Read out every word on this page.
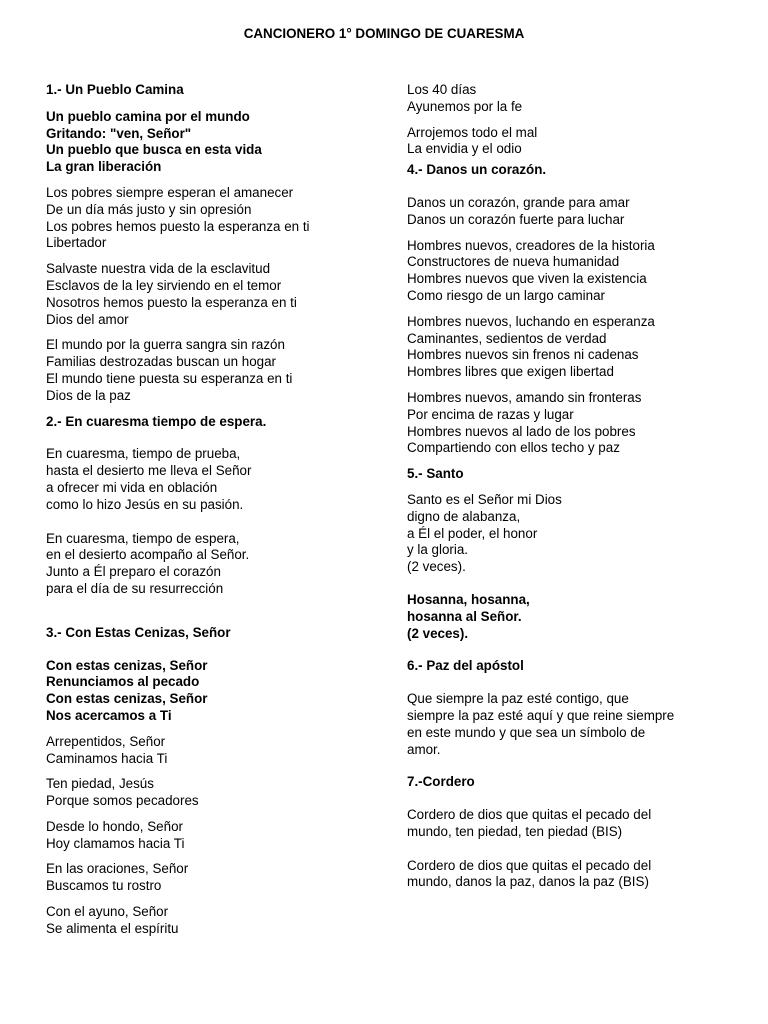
CANCIONERO 1° DOMINGO DE CUARESMA

1.- Un Pueblo Camina

Un pueblo camina por el mundo
Gritando: "ven, Señor"
Un pueblo que busca en esta vida
La gran liberación
Los pobres siempre esperan el amanecer
De un día más justo y sin opresión
Los pobres hemos puesto la esperanza en ti
Libertador
Salvaste nuestra vida de la esclavitud
Esclavos de la ley sirviendo en el temor
Nosotros hemos puesto la esperanza en ti
Dios del amor
El mundo por la guerra sangra sin razón
Familias destrozadas buscan un hogar
El mundo tiene puesta su esperanza en ti
Dios de la paz

2.- En cuaresma tiempo de espera.

En cuaresma, tiempo de prueba,
hasta el desierto me lleva el Señor
a ofrecer mi vida en oblación
como lo hizo Jesús en su pasión.
En cuaresma, tiempo de espera,
en el desierto acompaño al Señor.
Junto a Él preparo el corazón
para el día de su resurrección

3.- Con Estas Cenizas, Señor

Con estas cenizas, Señor
Renunciamos al pecado
Con estas cenizas, Señor
Nos acercamos a Ti
Arrepentidos, Señor
Caminamos hacia Ti
Ten piedad, Jesús
Porque somos pecadores
Desde lo hondo, Señor
Hoy clamamos hacia Ti
En las oraciones, Señor
Buscamos tu rostro
Con el ayuno, Señor
Se alimenta el espíritu
Los 40 días
Ayunemos por la fe
Arrojemos todo el mal
La envidia y el odio

4.- Danos un corazón.

Danos un corazón, grande para amar
Danos un corazón fuerte para luchar
Hombres nuevos, creadores de la historia
Constructores de nueva humanidad
Hombres nuevos que viven la existencia
Como riesgo de un largo caminar
Hombres nuevos, luchando en esperanza
Caminantes, sedientos de verdad
Hombres nuevos sin frenos ni cadenas
Hombres libres que exigen libertad
Hombres nuevos, amando sin fronteras
Por encima de razas y lugar
Hombres nuevos al lado de los pobres
Compartiendo con ellos techo y paz

5.- Santo

Santo es el Señor mi Dios
digno de alabanza,
a Él el poder, el honor
y la gloria.
(2 veces).
Hosanna, hosanna,
hosanna al Señor.
(2 veces).

6.- Paz del apóstol

Que siempre la paz esté contigo, que
siempre la paz esté aquí y que reine siempre
en este mundo y que sea un símbolo de
amor.

7.-Cordero

Cordero de dios que quitas el pecado del
mundo, ten piedad, ten piedad (BIS)
Cordero de dios que quitas el pecado del
mundo, danos la paz, danos la paz (BIS)
